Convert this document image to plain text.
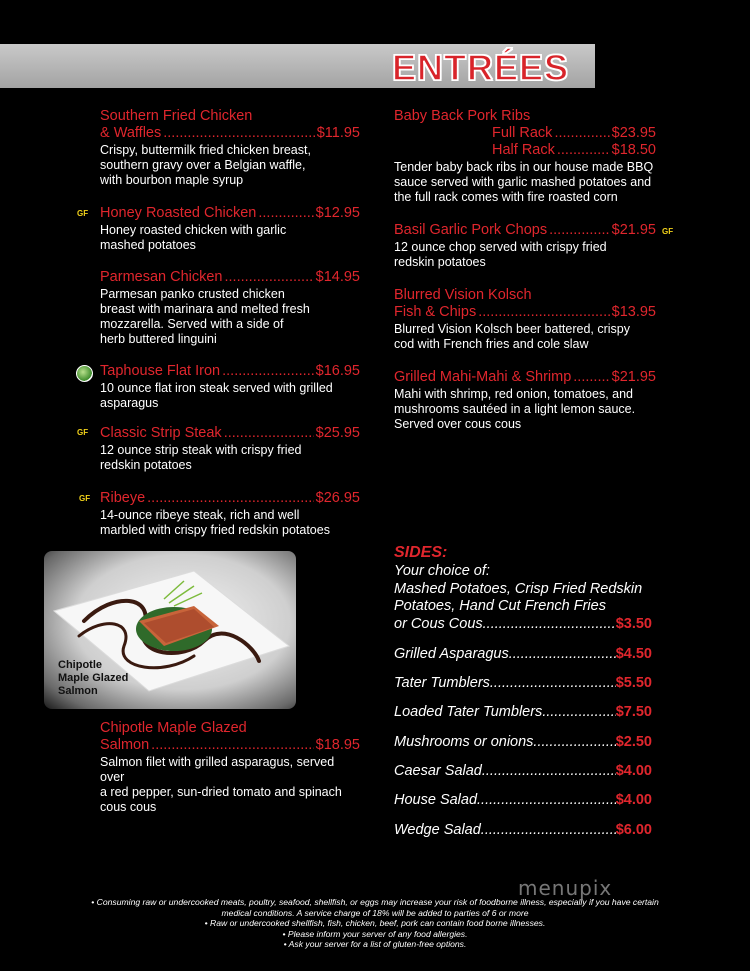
ENTRÉES
Southern Fried Chicken
& Waffles .....	$11.95
Crispy, buttermilk fried chicken breast,
southern gravy over a Belgian waffle,
with bourbon maple syrup
GF Honey Roasted Chicken .....	$12.95
Honey roasted chicken with garlic
mashed potatoes
Parmesan Chicken .....	$14.95
Parmesan panko crusted chicken
breast with marinara and melted fresh
mozzarella. Served with a side of
herb buttered linguini
Taphouse Flat Iron .....	$16.95
10 ounce flat iron steak served with grilled
asparagus
GF Classic Strip Steak .....	$25.95
12 ounce strip steak with crispy fried
redskin potatoes
GF Ribeye .....	$26.95
14-ounce ribeye steak, rich and well
marbled with crispy fried redskin potatoes
Chipotle
Maple Glazed
Salmon
Chipotle Maple Glazed
Salmon .....	$18.95
Salmon filet with grilled asparagus, served over
a red pepper, sun-dried tomato and spinach
cous cous
Baby Back Pork Ribs
Full Rack .....	$23.95
Half Rack .....	$18.50
Tender baby back ribs in our house made BBQ
sauce served with garlic mashed potatoes and
the full rack comes with fire roasted corn
GF
Basil Garlic Pork Chops .....	$21.95
12 ounce chop served with crispy fried
redskin potatoes
Blurred Vision Kolsch
Fish & Chips .....	$13.95
Blurred Vision Kolsch beer battered, crispy
cod with French fries and cole slaw
Grilled Mahi-Mahi & Shrimp .....	$21.95
Mahi with shrimp, red onion, tomatoes, and
mushrooms sautéed in a light lemon sauce.
Served over cous cous
SIDES:
Your choice of:
Mashed Potatoes, Crisp Fried Redskin
Potatoes, Hand Cut French Fries
or Cous Cous .....	$3.50
Grilled Asparagus .....	$4.50
Tater Tumblers .....	$5.50
Loaded Tater Tumblers .....	$7.50
Mushrooms or onions .....	$2.50
Caesar Salad .....	$4.00
House Salad .....	$4.00
Wedge Salad .....	$6.00
menupix
• Consuming raw or undercooked meats, poultry, seafood, shellfish, or eggs may increase your risk of foodborne illness, especially if you have certain
medical conditions. A service charge of 18% will be added to parties of 6 or more
• Raw or undercooked shellfish, fish, chicken, beef, pork can contain food borne illnesses.
• Please inform your server of any food allergies.
• Ask your server for a list of gluten-free options.
